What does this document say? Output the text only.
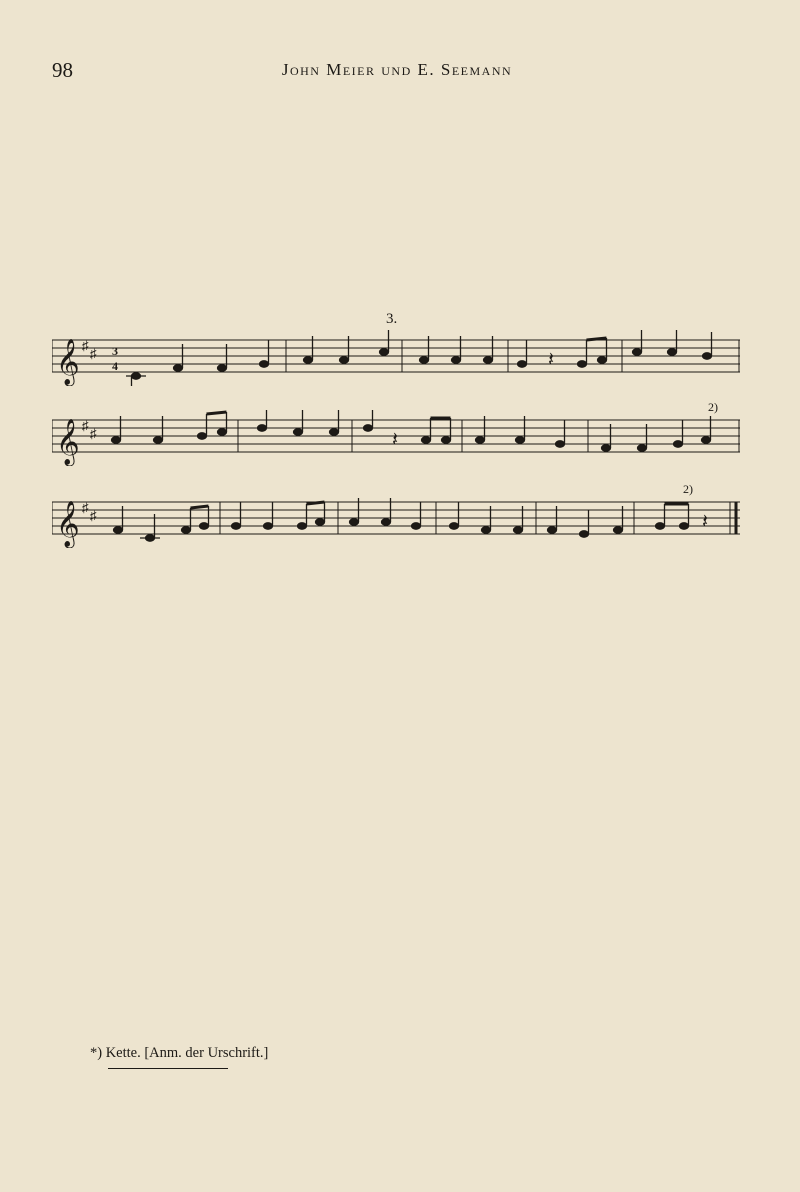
98	John Meier und E. Seemann
3.
𝄞 ♯
♯ 3
4	𝄽
𝄞 ♯
♯	𝄽
2)
𝄞 ♯
♯	𝄽
2)
*) Kette. [Anm. der Urschrift.]
